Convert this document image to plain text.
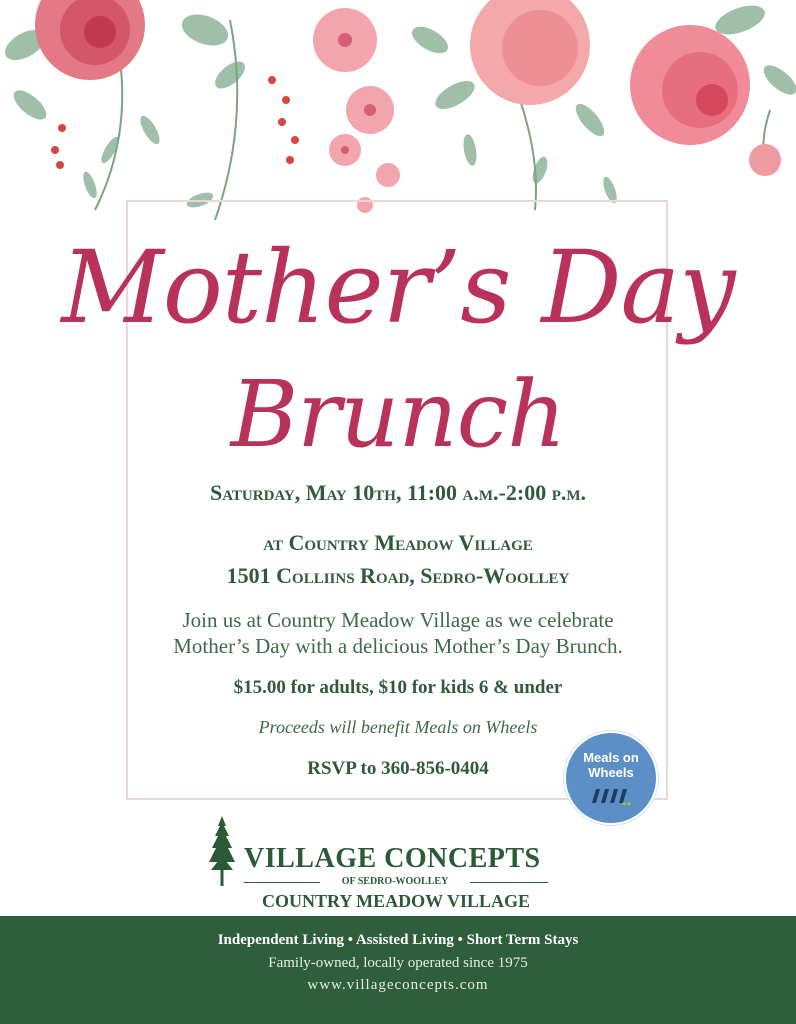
Mother’s Day
Brunch
Saturday, May 10th, 11:00 a.m.-2:00 p.m.
at Country Meadow Village
1501 Colliins Road, Sedro-Woolley
Join us at Country Meadow Village as we celebrate
Mother’s Day with a delicious Mother’s Day Brunch.
$15.00 for adults, $10 for kids 6 & under
Proceeds will benefit Meals on Wheels
RSVP to 360-856-0404
Meals on
Wheels
VILLAGE CONCEPTS
OF SEDRO-WOOLLEY
COUNTRY MEADOW VILLAGE
Independent Living • Assisted Living • Short Term Stays
Family-owned, locally operated since 1975
www.villageconcepts.com
